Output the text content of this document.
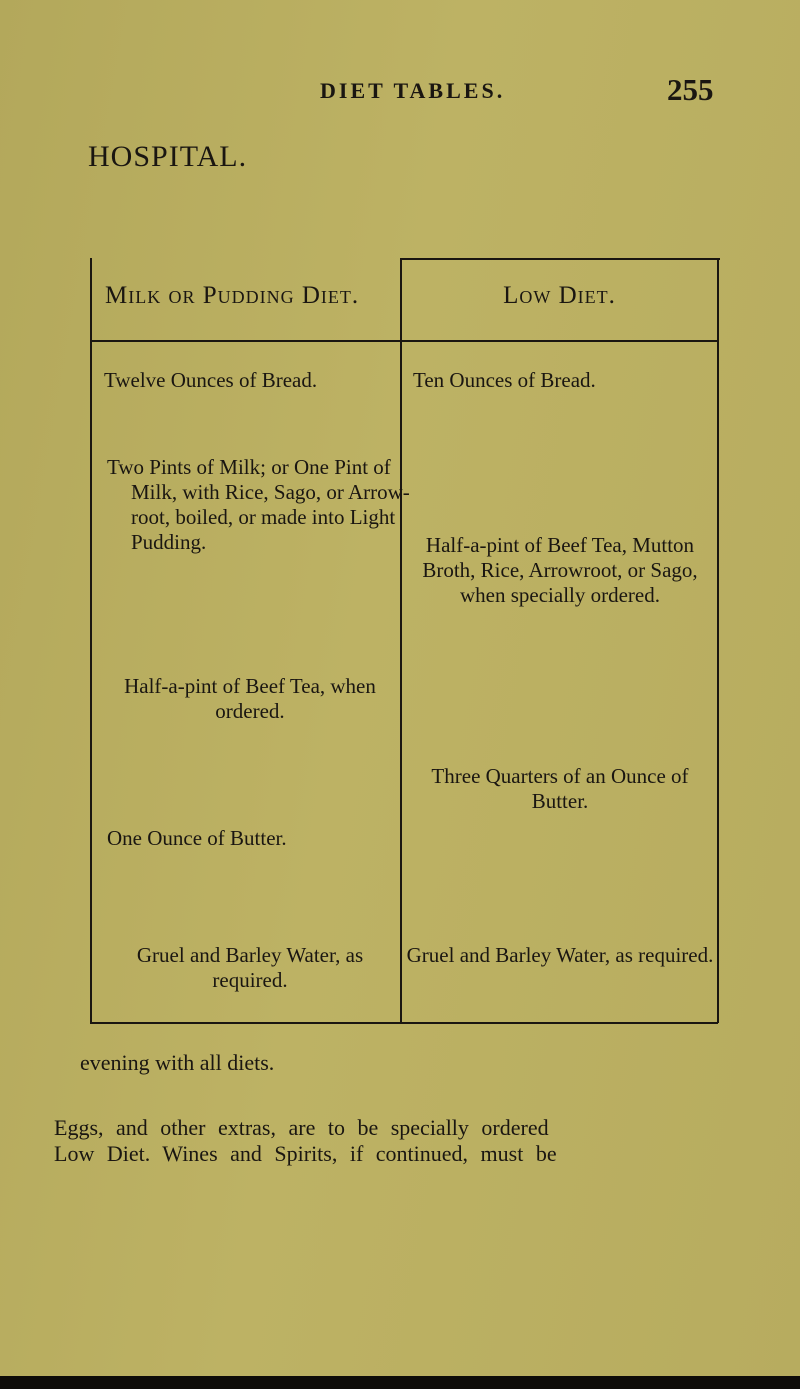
DIET TABLES.	255
HOSPITAL.
Milk or Pudding Diet.	Low Diet.
Twelve Ounces of Bread.
Two Pints of Milk; or One Pint of Milk, with Rice, Sago, or Arrow-root, boiled, or made into Light Pudding.
Half-a-pint of Beef Tea, when ordered.
One Ounce of Butter.
Gruel and Barley Water, as required.
Ten Ounces of Bread.
Half-a-pint of Beef Tea, Mutton Broth, Rice, Arrowroot, or Sago, when specially ordered.
Three Quarters of an Ounce of Butter.
Gruel and Barley Water, as required.
evening with all diets.
Eggs, and other extras, are to be specially ordered
Low Diet. Wines and Spirits, if continued, must be
